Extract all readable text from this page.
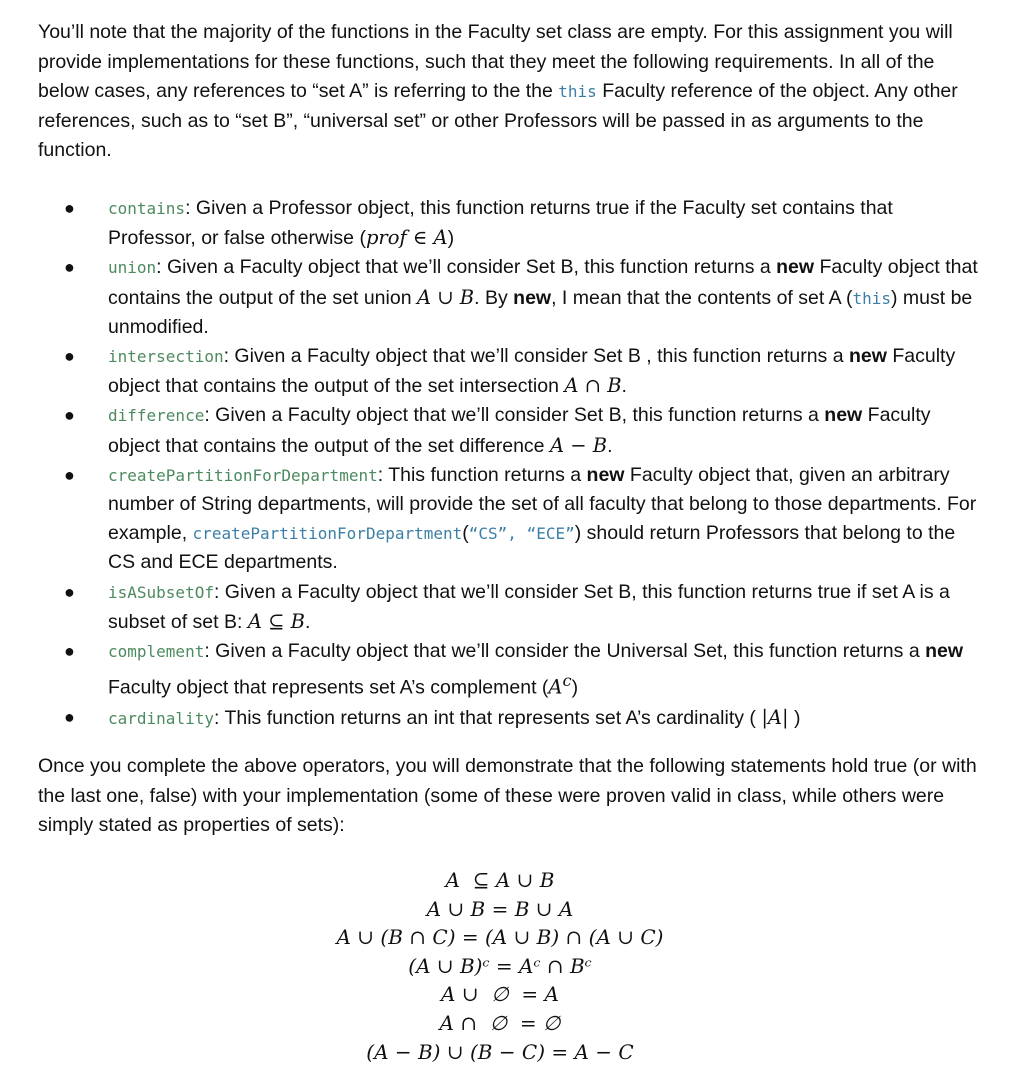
You’ll note that the majority of the functions in the Faculty set class are empty. For this assignment you will provide implementations for these functions, such that they meet the following requirements. In all of the below cases, any references to “set A” is referring to the the this Faculty reference of the object. Any other references, such as to “set B”, “universal set” or other Professors will be passed in as arguments to the function.

● contains: Given a Professor object, this function returns true if the Faculty set contains that Professor, or false otherwise (prof ∈ A)
● union: Given a Faculty object that we’ll consider Set B, this function returns a new Faculty object that contains the output of the set union A ∪ B. By new, I mean that the contents of set A (this) must be unmodified.
● intersection: Given a Faculty object that we’ll consider Set B , this function returns a new Faculty object that contains the output of the set intersection A ∩ B.
● difference: Given a Faculty object that we’ll consider Set B, this function returns a new Faculty object that contains the output of the set difference A − B.
● createPartitionForDepartment: This function returns a new Faculty object that, given an arbitrary number of String departments, will provide the set of all faculty that belong to those departments. For example, createPartitionForDepartment(“CS”, “ECE”) should return Professors that belong to the CS and ECE departments.
● isASubsetOf: Given a Faculty object that we’ll consider Set B, this function returns true if set A is a subset of set B: A ⊆ B.
● complement: Given a Faculty object that we’ll consider the Universal Set, this function returns a new Faculty object that represents set A’s complement $(A^c)$
● cardinality: This function returns an int that represents set A’s cardinality ( |A| )

Once you complete the above operators, you will demonstrate that the following statements hold true (or with the last one, false) with your implementation (some of these were proven valid in class, while others were simply stated as properties of sets):

A  ⊆ A ∪ B
A ∪ B = B ∪ A
A ∪ (B ∩ C) = (A ∪ B) ∩ (A ∪ C)
(A ∪ B)ᶜ = Aᶜ ∩ Bᶜ
A ∪  ∅  = A
A ∩  ∅  = ∅
(A − B) ∪ (B − C) = A − C
